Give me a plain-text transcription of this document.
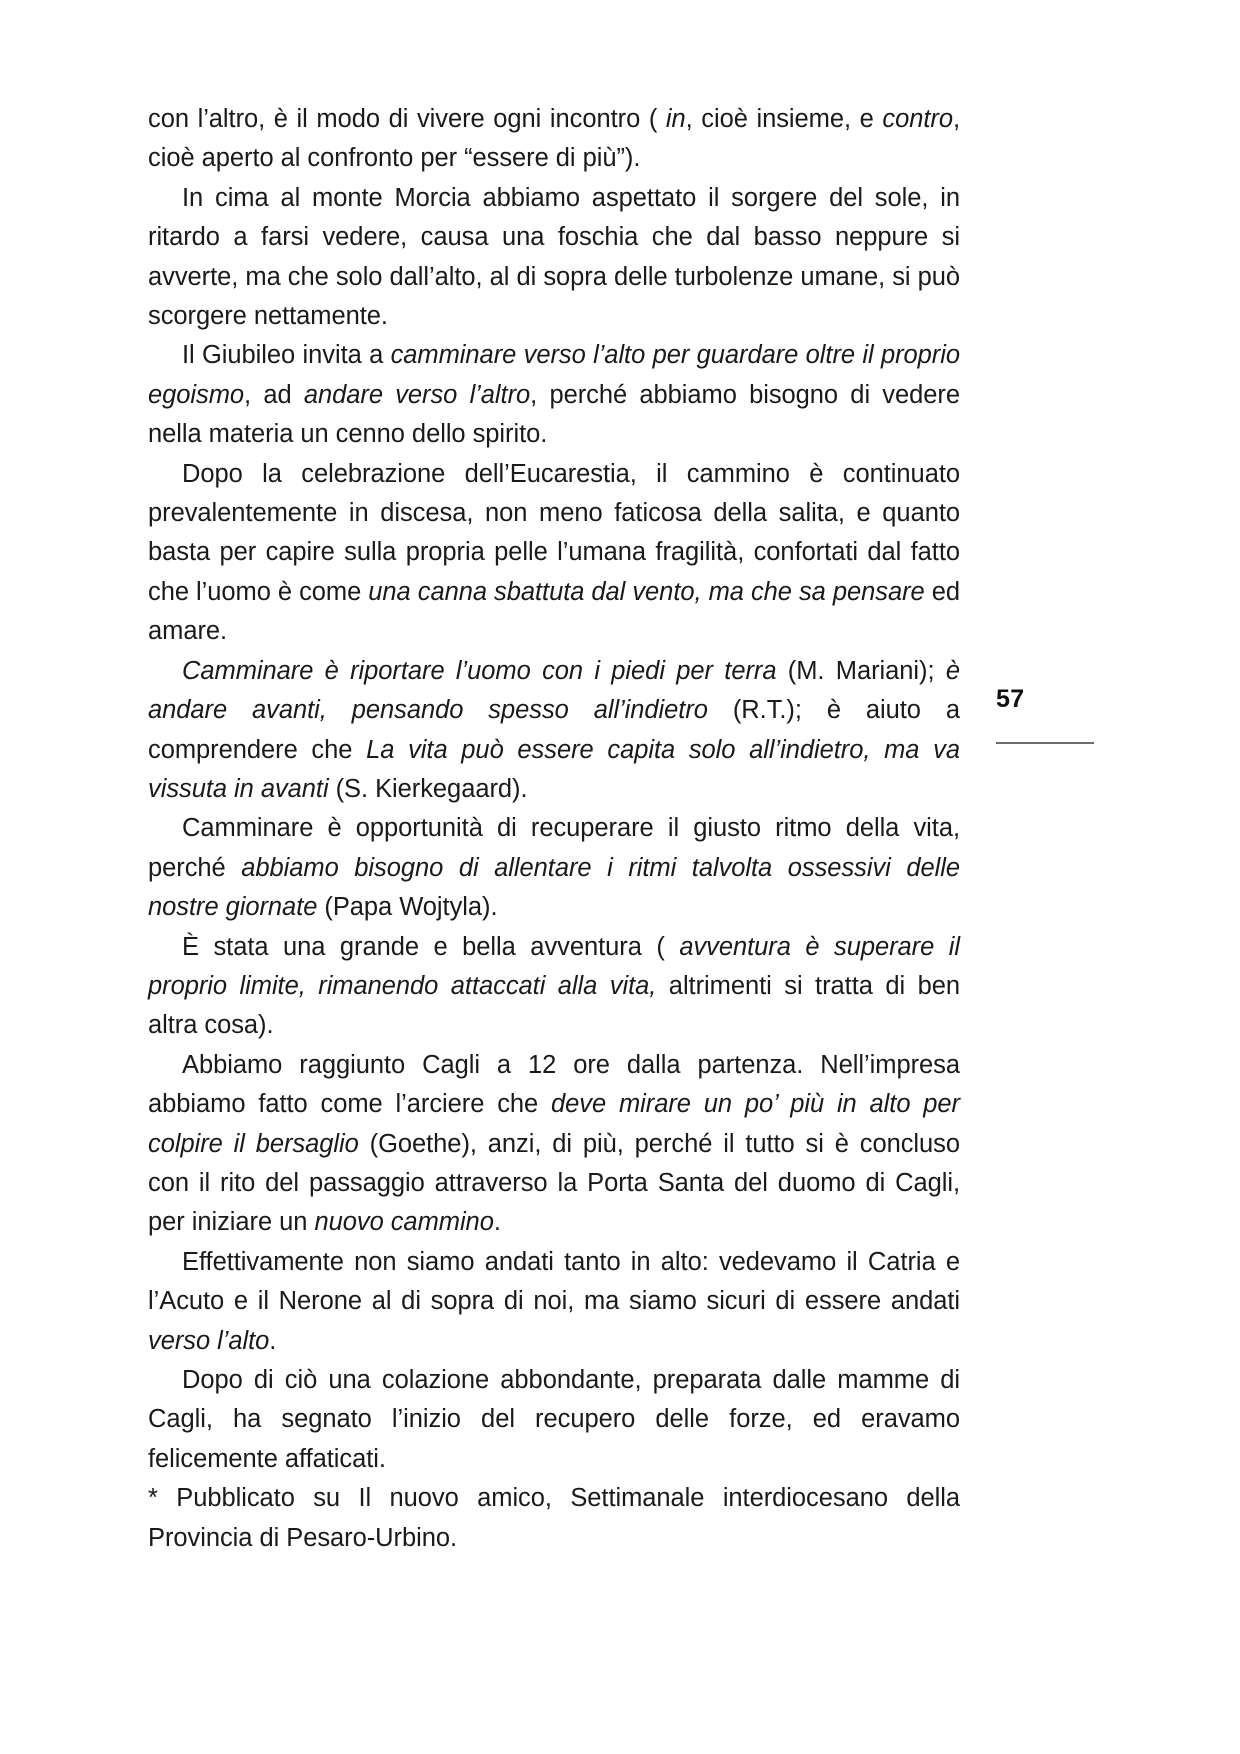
con l’altro, è il modo di vivere ogni incontro ( in, cioè insieme, e contro, cioè aperto al confronto per “essere di più”).

In cima al monte Morcia abbiamo aspettato il sorgere del sole, in ritardo a farsi vedere, causa una foschia che dal basso neppure si avverte, ma che solo dall’alto, al di sopra delle turbolenze umane, si può scorgere nettamente.

Il Giubileo invita a camminare verso l’alto per guardare oltre il proprio egoismo, ad andare verso l’altro, perché abbiamo bisogno di vedere nella materia un cenno dello spirito.

Dopo la celebrazione dell’Eucarestia, il cammino è continuato prevalentemente in discesa, non meno faticosa della salita, e quanto basta per capire sulla propria pelle l’umana fragilità, confortati dal fatto che l’uomo è come una canna sbattuta dal vento, ma che sa pensare ed amare.

Camminare è riportare l’uomo con i piedi per terra (M. Mariani); è andare avanti, pensando spesso all’indietro (R.T.); è aiuto a comprendere che La vita può essere capita solo all’indietro, ma va vissuta in avanti (S. Kierkegaard).

Camminare è opportunità di recuperare il giusto ritmo della vita, perché abbiamo bisogno di allentare i ritmi talvolta ossessivi delle nostre giornate (Papa Wojtyla).

È stata una grande e bella avventura ( avventura è superare il proprio limite, rimanendo attaccati alla vita, altrimenti si tratta di ben altra cosa).

Abbiamo raggiunto Cagli a 12 ore dalla partenza. Nell’impresa abbiamo fatto come l’arciere che deve mirare un po’ più in alto per colpire il bersaglio (Goethe), anzi, di più, perché il tutto si è concluso con il rito del passaggio attraverso la Porta Santa del duomo di Cagli, per iniziare un nuovo cammino.

Effettivamente non siamo andati tanto in alto: vedevamo il Catria e l’Acuto e il Nerone al di sopra di noi, ma siamo sicuri di essere andati verso l’alto.

Dopo di ciò una colazione abbondante, preparata dalle mamme di Cagli, ha segnato l’inizio del recupero delle forze, ed eravamo felicemente affaticati.

* Pubblicato su Il nuovo amico, Settimanale interdiocesano della Provincia di Pesaro-Urbino.

57
